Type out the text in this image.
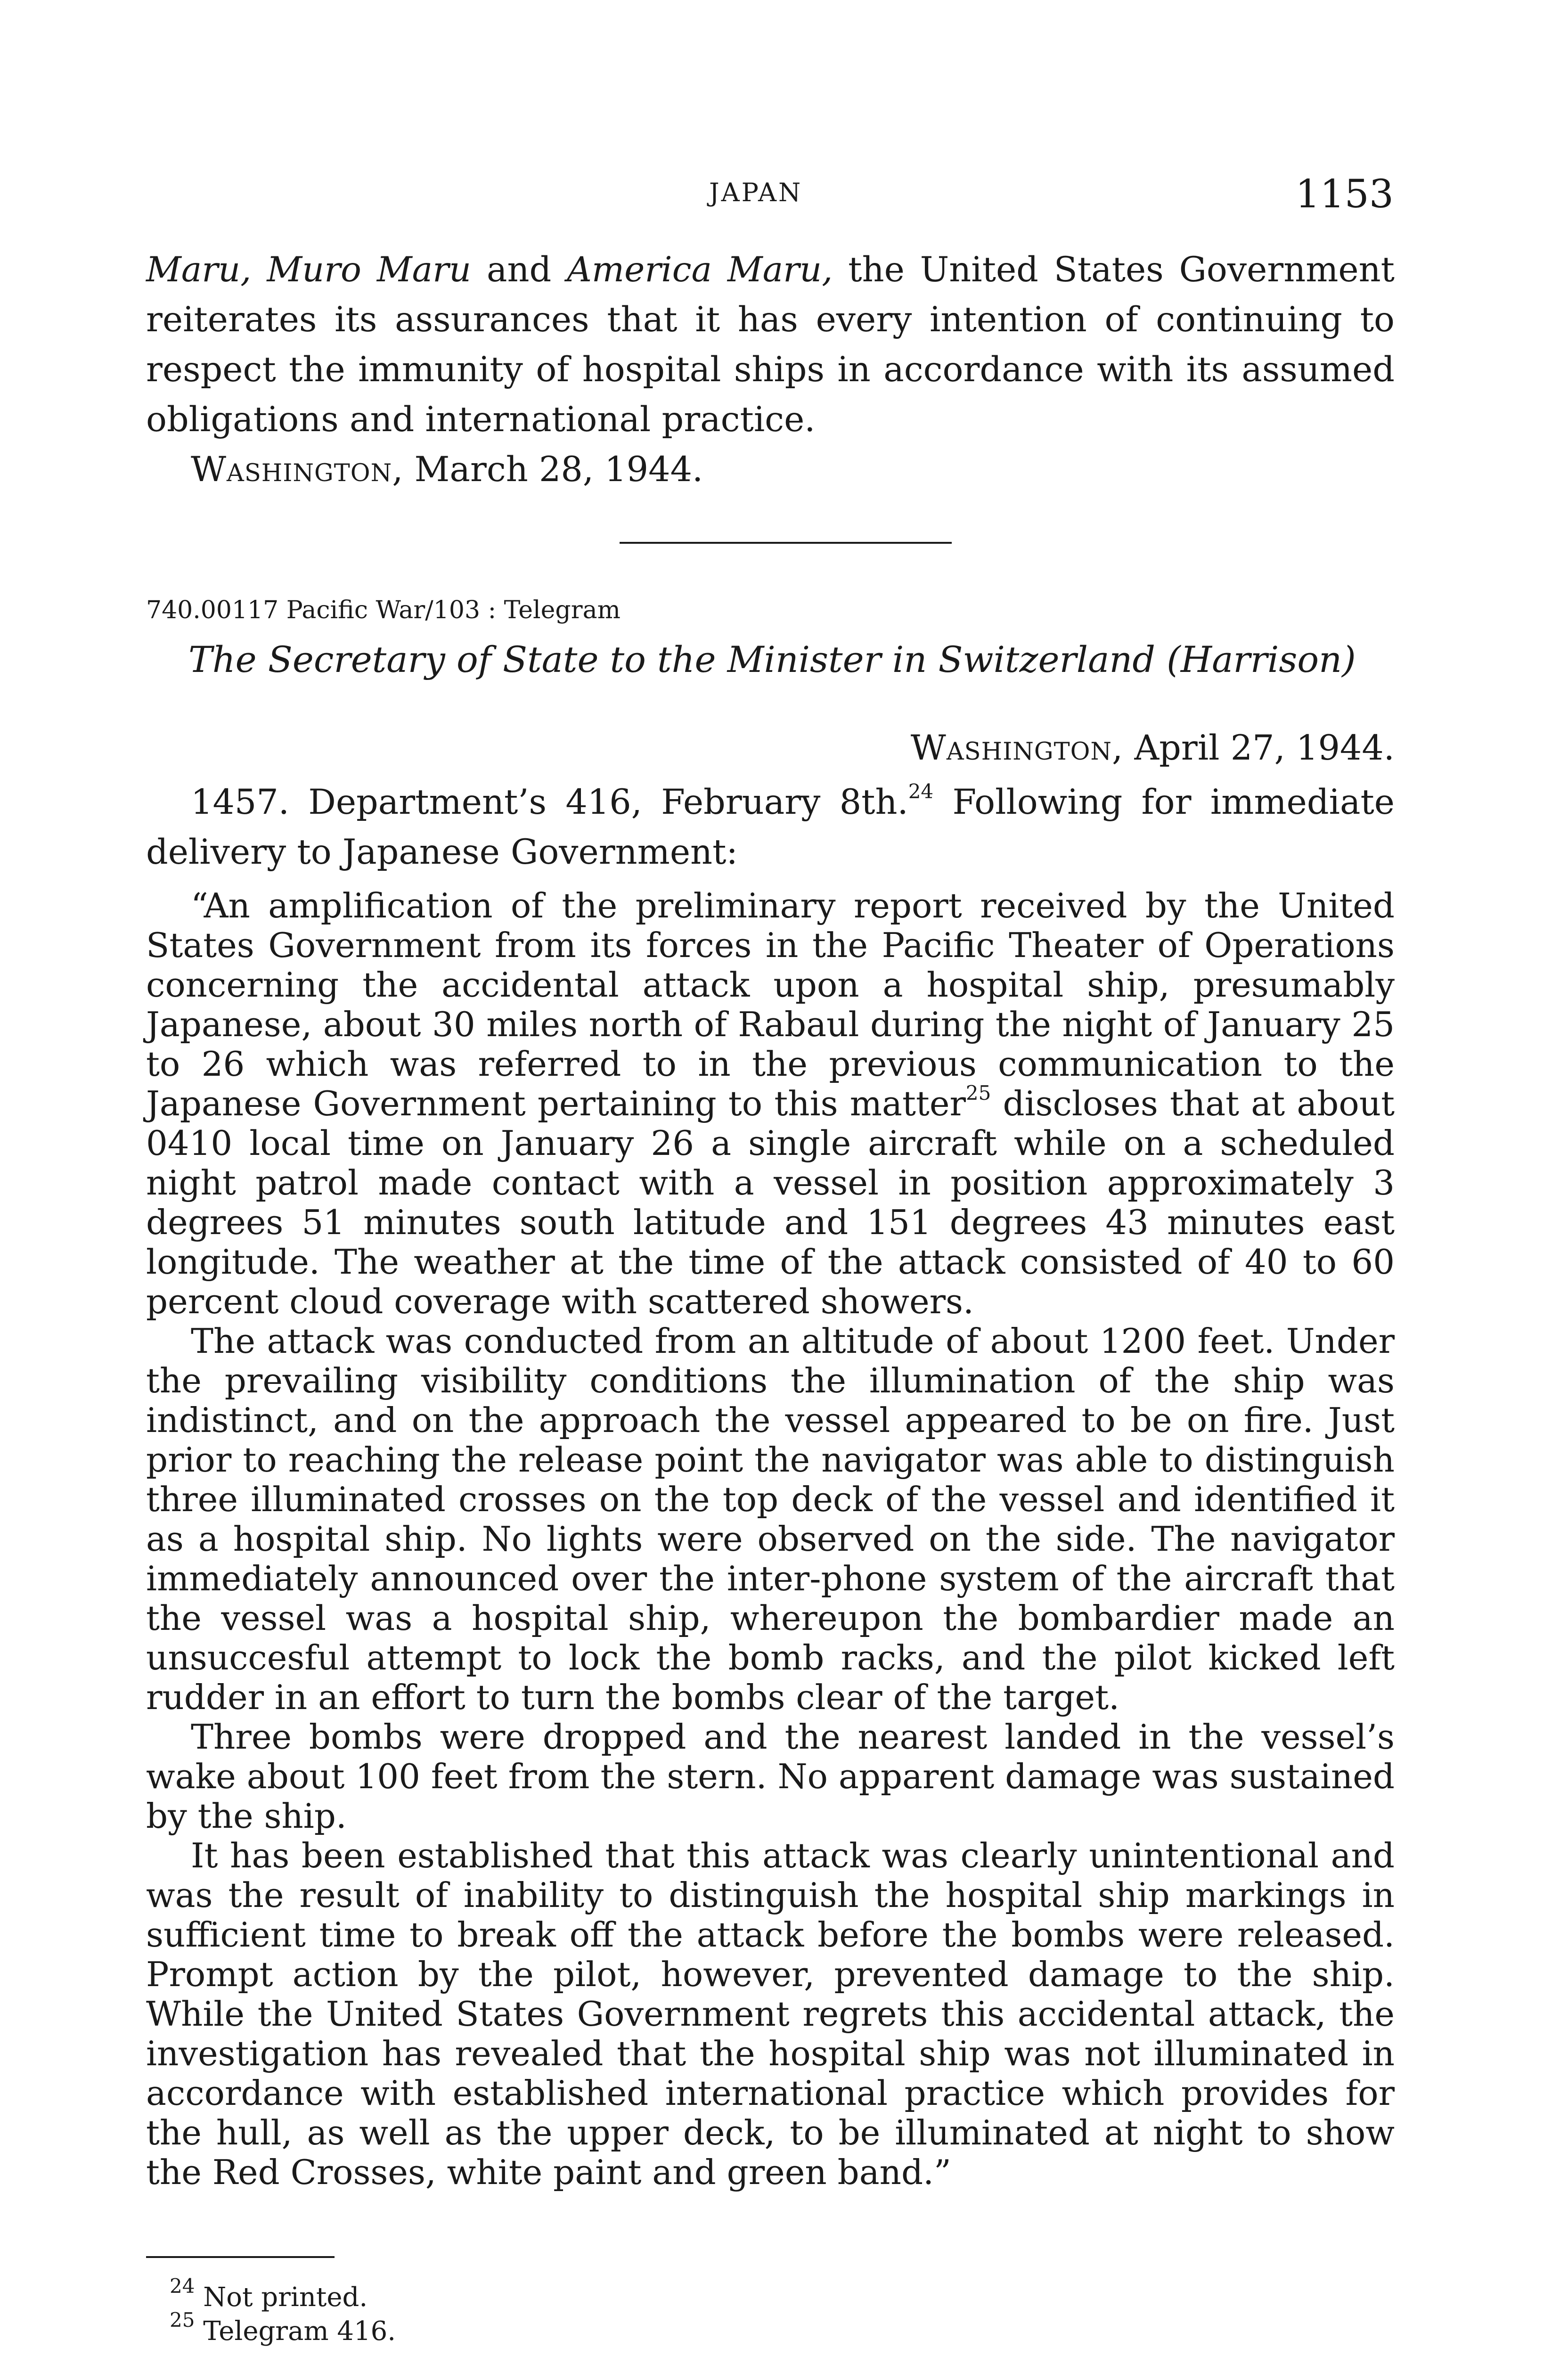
JAPAN	1153

Maru, Muro Maru and America Maru, the United States Government reiterates its assurances that it has every intention of continuing to respect the immunity of hospital ships in accordance with its assumed obligations and international practice.

Washington, March 28, 1944.

740.00117 Pacific War/103 : Telegram
The Secretary of State to the Minister in Switzerland (Harrison)
Washington, April 27, 1944.

1457. Department’s 416, February 8th.$^{24}$ Following for immediate delivery to Japanese Government:

“An amplification of the preliminary report received by the United States Government from its forces in the Pacific Theater of Operations concerning the accidental attack upon a hospital ship, presumably Japanese, about 30 miles north of Rabaul during the night of January 25 to 26 which was referred to in the previous communication to the Japanese Government pertaining to this matter$^{25}$ discloses that at about 0410 local time on January 26 a single aircraft while on a scheduled night patrol made contact with a vessel in position approximately 3 degrees 51 minutes south latitude and 151 degrees 43 minutes east longitude. The weather at the time of the attack consisted of 40 to 60 percent cloud coverage with scattered showers.

The attack was conducted from an altitude of about 1200 feet. Under the prevailing visibility conditions the illumination of the ship was indistinct, and on the approach the vessel appeared to be on fire. Just prior to reaching the release point the navigator was able to distinguish three illuminated crosses on the top deck of the vessel and identified it as a hospital ship. No lights were observed on the side. The navigator immediately announced over the inter-phone system of the aircraft that the vessel was a hospital ship, whereupon the bombardier made an unsuccesful attempt to lock the bomb racks, and the pilot kicked left rudder in an effort to turn the bombs clear of the target.

Three bombs were dropped and the nearest landed in the vessel’s wake about 100 feet from the stern. No apparent damage was sustained by the ship.

It has been established that this attack was clearly unintentional and was the result of inability to distinguish the hospital ship markings in sufficient time to break off the attack before the bombs were released. Prompt action by the pilot, however, prevented damage to the ship. While the United States Government regrets this accidental attack, the investigation has revealed that the hospital ship was not illuminated in accordance with established international practice which provides for the hull, as well as the upper deck, to be illuminated at night to show the Red Crosses, white paint and green band.”

$^{24}$ Not printed.

$^{25}$ Telegram 416.
